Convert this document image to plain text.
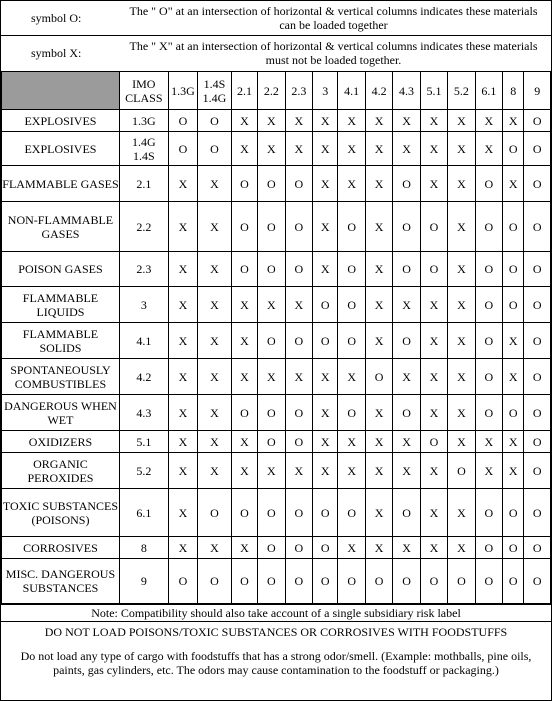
symbol O:	The " O" at an intersection of horizontal & vertical columns indicates these materials can be loaded together
symbol X:	The " X" at an intersection of horizontal & vertical columns indicates these materials must not be loaded together.
	IMO CLASS	1.3G	1.4S 1.4G	2.1	2.2	2.3	3	4.1	4.2	4.3	5.1	5.2	6.1	8	9
EXPLOSIVES	1.3G	O	O	X	X	X	X	X	X	X	X	X	X	X	O
EXPLOSIVES	1.4G 1.4S	O	O	X	X	X	X	X	X	X	X	X	X	O	O
FLAMMABLE GASES	2.1	X	X	O	O	O	X	X	X	O	X	X	O	X	O
NON-FLAMMABLE GASES	2.2	X	X	O	O	O	X	O	X	O	O	X	O	O	O
POISON GASES	2.3	X	X	O	O	O	X	O	X	O	O	X	O	O	O
FLAMMABLE LIQUIDS	3	X	X	X	X	X	O	O	X	X	X	X	O	O	O
FLAMMABLE SOLIDS	4.1	X	X	X	O	O	O	O	X	O	X	X	O	X	O
SPONTANEOUSLY COMBUSTIBLES	4.2	X	X	X	X	X	X	X	O	X	X	X	O	X	O
DANGEROUS WHEN WET	4.3	X	X	O	O	O	X	O	X	O	X	X	O	O	O
OXIDIZERS	5.1	X	X	X	O	O	X	X	X	X	O	X	X	X	O
ORGANIC PEROXIDES	5.2	X	X	X	X	X	X	X	X	X	X	O	X	X	O
TOXIC SUBSTANCES (POISONS)	6.1	X	O	O	O	O	O	O	X	O	X	X	O	O	O
CORROSIVES	8	X	X	X	O	O	O	X	X	X	X	X	O	O	O
MISC. DANGEROUS SUBSTANCES	9	O	O	O	O	O	O	O	O	O	O	O	O	O	O
Note: Compatibility should also take account of a single subsidiary risk label
DO NOT LOAD POISONS/TOXIC SUBSTANCES OR CORROSIVES WITH FOODSTUFFS
Do not load any type of cargo with foodstuffs that has a strong odor/smell. (Example: mothballs, pine oils, paints, gas cylinders, etc. The odors may cause contamination to the foodstuff or packaging.)
